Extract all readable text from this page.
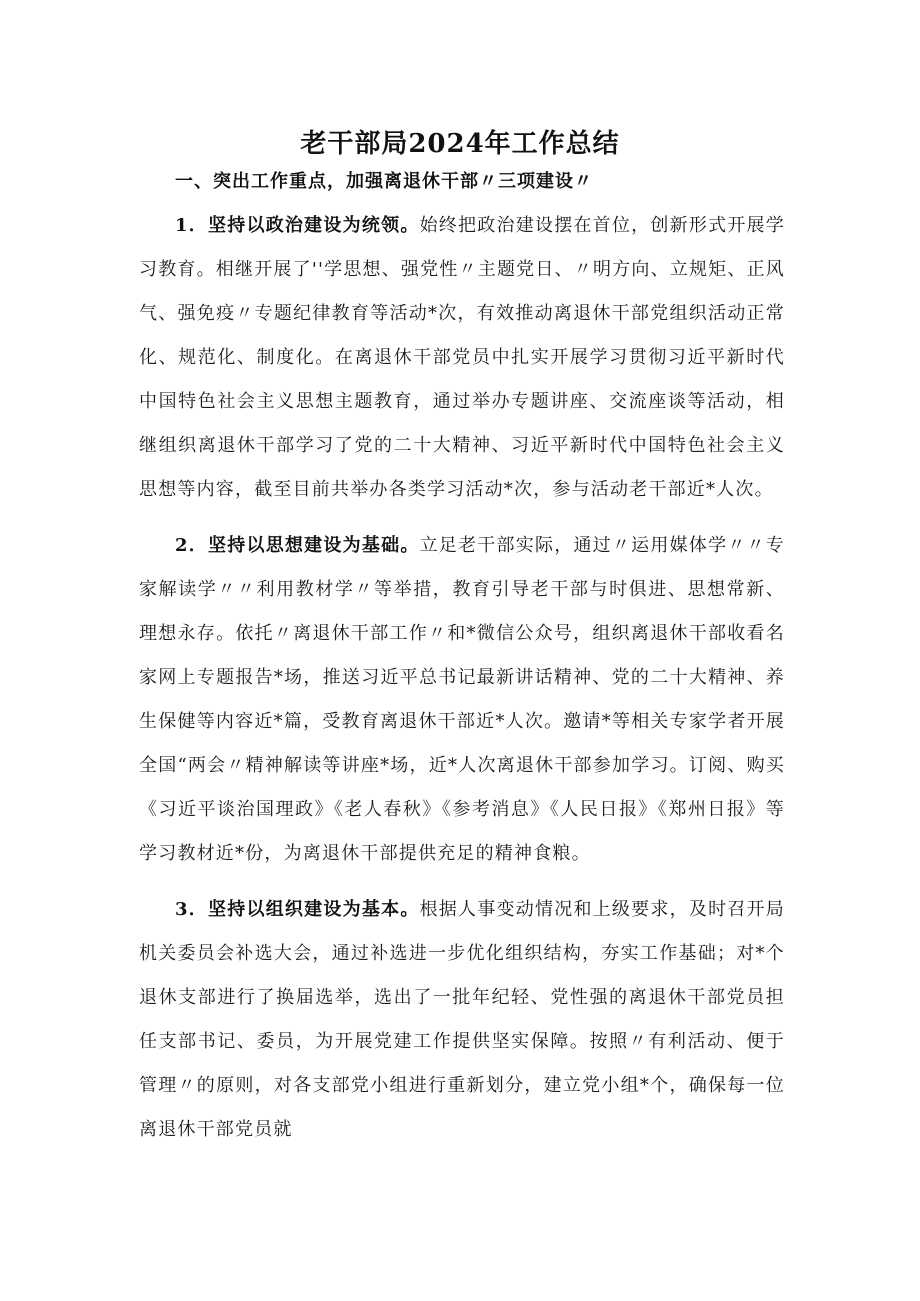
老干部局2024年工作总结

一、突出工作重点，加强离退休干部〃三项建设〃

1．坚持以政治建设为统领。始终把政治建设摆在首位，创新形式开展学习教育。相继开展了''学思想、强党性〃主题党日、〃明方向、立规矩、正风气、强免疫〃专题纪律教育等活动*次，有效推动离退休干部党组织活动正常化、规范化、制度化。在离退休干部党员中扎实开展学习贯彻习近平新时代中国特色社会主义思想主题教育，通过举办专题讲座、交流座谈等活动，相继组织离退休干部学习了党的二十大精神、习近平新时代中国特色社会主义思想等内容，截至目前共举办各类学习活动*次，参与活动老干部近*人次。

2．坚持以思想建设为基础。立足老干部实际，通过〃运用媒体学〃〃专家解读学〃〃利用教材学〃等举措，教育引导老干部与时俱进、思想常新、理想永存。依托〃离退休干部工作〃和*微信公众号，组织离退休干部收看名家网上专题报告*场，推送习近平总书记最新讲话精神、党的二十大精神、养生保健等内容近*篇，受教育离退休干部近*人次。邀请*等相关专家学者开展全国“两会〃精神解读等讲座*场，近*人次离退休干部参加学习。订阅、购买《习近平谈治国理政》《老人春秋》《参考消息》《人民日报》《郑州日报》等学习教材近*份，为离退休干部提供充足的精神食粮。

3．坚持以组织建设为基本。根据人事变动情况和上级要求，及时召开局机关委员会补选大会，通过补选进一步优化组织结构，夯实工作基础；对*个退休支部进行了换届选举，选出了一批年纪轻、党性强的离退休干部党员担任支部书记、委员，为开展党建工作提供坚实保障。按照〃有利活动、便于管理〃的原则，对各支部党小组进行重新划分，建立党小组*个，确保每一位离退休干部党员就
